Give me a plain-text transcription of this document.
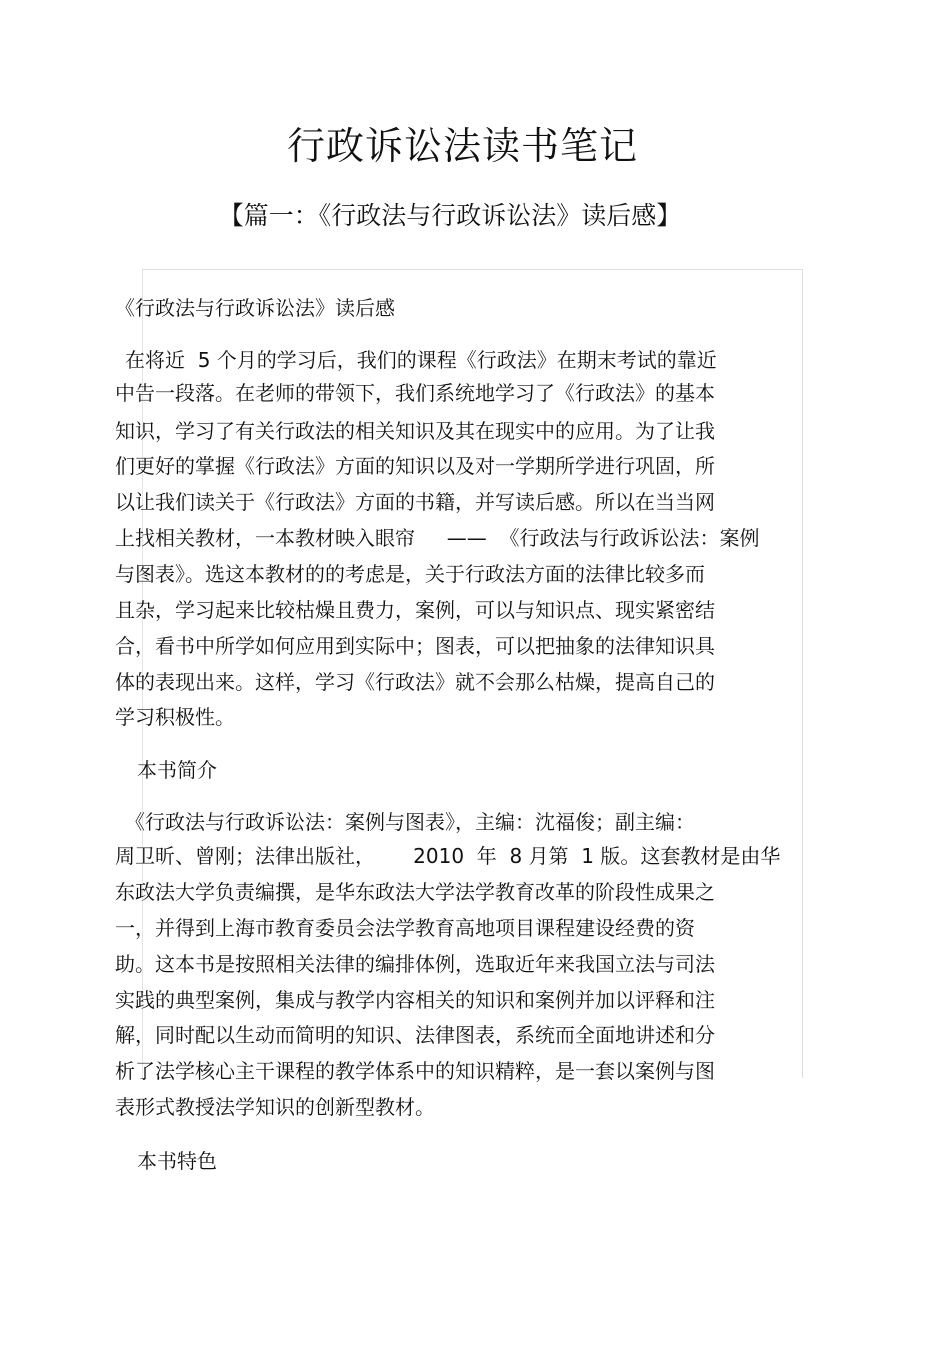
行政诉讼法读书笔记
【篇一：《行政法与行政诉讼法》读后感】
《行政法与行政诉讼法》读后感
在将近  5 个月的学习后，我们的课程《行政法》在期末考试的靠近
中告一段落。在老师的带领下，我们系统地学习了《行政法》的基本
知识，学习了有关行政法的相关知识及其在现实中的应用。为了让我
们更好的掌握《行政法》方面的知识以及对一学期所学进行巩固，所
以让我们读关于《行政法》方面的书籍，并写读后感。所以在当当网
上找相关教材，一本教材映入眼帘     ——  《行政法与行政诉讼法：案例
与图表》。选这本教材的的考虑是，关于行政法方面的法律比较多而
且杂，学习起来比较枯燥且费力，案例，可以与知识点、现实紧密结
合，看书中所学如何应用到实际中；图表，可以把抽象的法律知识具
体的表现出来。这样，学习《行政法》就不会那么枯燥，提高自己的
学习积极性。
本书简介
《行政法与行政诉讼法：案例与图表》，主编：沈福俊；副主编：
周卫昕、曾刚；法律出版社，      2010  年  8 月第  1 版。这套教材是由华
东政法大学负责编撰，是华东政法大学法学教育改革的阶段性成果之
一，并得到上海市教育委员会法学教育高地项目课程建设经费的资
助。这本书是按照相关法律的编排体例，选取近年来我国立法与司法
实践的典型案例，集成与教学内容相关的知识和案例并加以评释和注
解，同时配以生动而简明的知识、法律图表，系统而全面地讲述和分
析了法学核心主干课程的教学体系中的知识精粹，是一套以案例与图
表形式教授法学知识的创新型教材。
本书特色
